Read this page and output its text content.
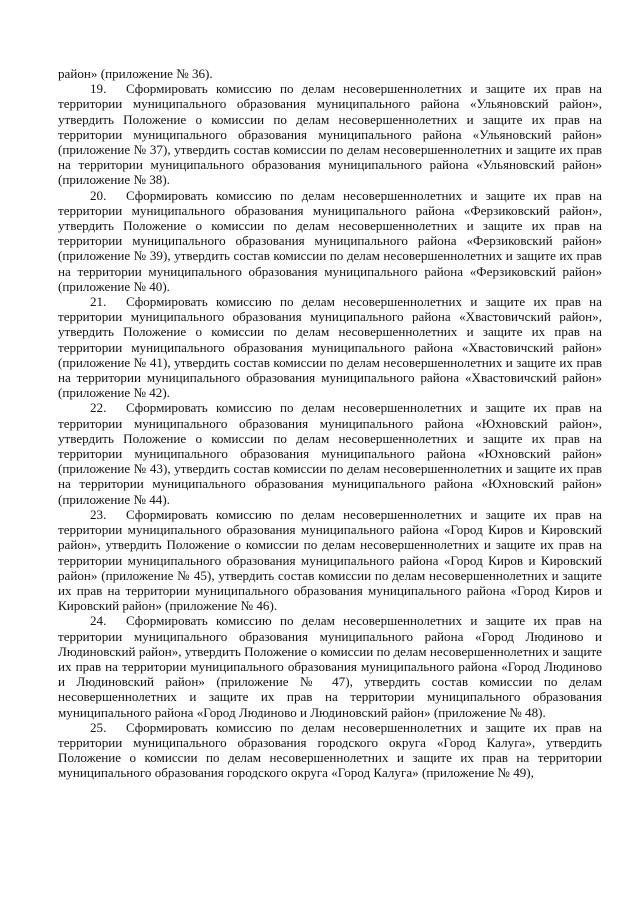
район» (приложение № 36).

19. Сформировать комиссию по делам несовершеннолетних и защите их прав на территории муниципального образования муниципального района «Ульяновский район», утвердить Положение о комиссии по делам несовершеннолетних и защите их прав на территории муниципального образования муниципального района «Ульяновский район» (приложение № 37), утвердить состав комиссии по делам несовершеннолетних и защите их прав на территории муниципального образования муниципального района «Ульяновский район» (приложение № 38).

20. Сформировать комиссию по делам несовершеннолетних и защите их прав на территории муниципального образования муниципального района «Ферзиковский район», утвердить Положение о комиссии по делам несовершеннолетних и защите их прав на территории муниципального образования муниципального района «Ферзиковский район» (приложение № 39), утвердить состав комиссии по делам несовершеннолетних и защите их прав на территории муниципального образования муниципального района «Ферзиковский район» (приложение № 40).

21. Сформировать комиссию по делам несовершеннолетних и защите их прав на территории муниципального образования муниципального района «Хвастовичский район», утвердить Положение о комиссии по делам несовершеннолетних и защите их прав на территории муниципального образования муниципального района «Хвастовичский район» (приложение № 41), утвердить состав комиссии по делам несовершеннолетних и защите их прав на территории муниципального образования муниципального района «Хвастовичский район» (приложение № 42).

22. Сформировать комиссию по делам несовершеннолетних и защите их прав на территории муниципального образования муниципального района «Юхновский район», утвердить Положение о комиссии по делам несовершеннолетних и защите их прав на территории муниципального образования муниципального района «Юхновский район» (приложение № 43), утвердить состав комиссии по делам несовершеннолетних и защите их прав на территории муниципального образования муниципального района «Юхновский район» (приложение № 44).

23. Сформировать комиссию по делам несовершеннолетних и защите их прав на территории муниципального образования муниципального района «Город Киров и Кировский район», утвердить Положение о комиссии по делам несовершеннолетних и защите их прав на территории муниципального образования муниципального района «Город Киров и Кировский район» (приложение № 45), утвердить состав комиссии по делам несовершеннолетних и защите их прав на территории муниципального образования муниципального района «Город Киров и Кировский район» (приложение № 46).

24. Сформировать комиссию по делам несовершеннолетних и защите их прав на территории муниципального образования муниципального района «Город Людиново и Людиновский район», утвердить Положение о комиссии по делам несовершеннолетних и защите их прав на территории муниципального образования муниципального района «Город Людиново и Людиновский район» (приложение № 47), утвердить состав комиссии по делам несовершеннолетних и защите их прав на территории муниципального образования муниципального района «Город Людиново и Людиновский район» (приложение № 48).

25. Сформировать комиссию по делам несовершеннолетних и защите их прав на территории муниципального образования городского округа «Город Калуга», утвердить Положение о комиссии по делам несовершеннолетних и защите их прав на территории муниципального образования городского округа «Город Калуга» (приложение № 49),
